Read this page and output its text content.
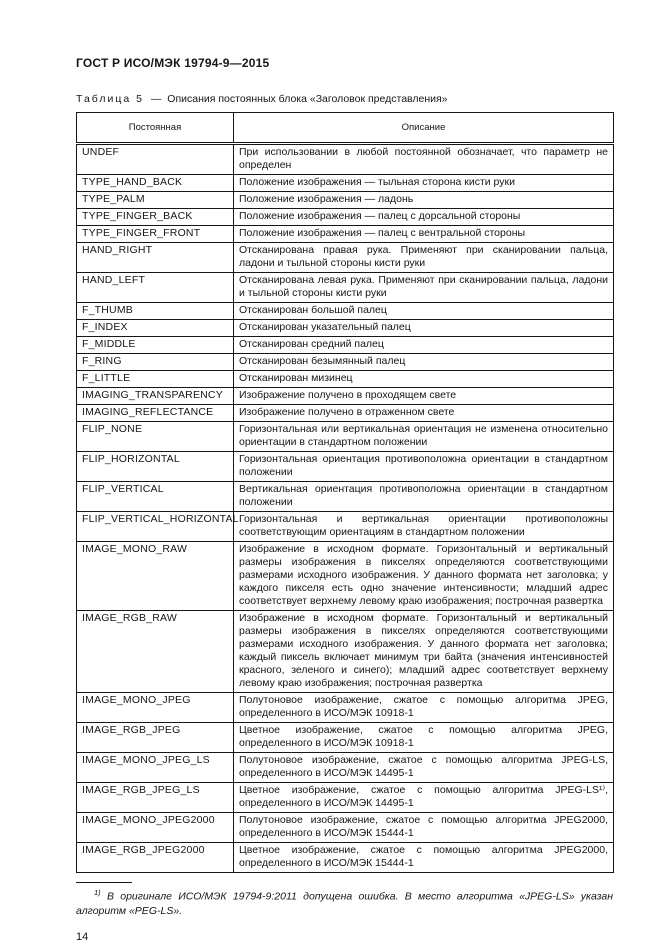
ГОСТ Р ИСО/МЭК 19794-9—2015
Таблица 5 — Описания постоянных блока «Заголовок представления»
Постоянная	Описание
UNDEF	При использовании в любой постоянной обозначает, что параметр не определен
TYPE_HAND_BACK	Положение изображения — тыльная сторона кисти руки
TYPE_PALM	Положение изображения — ладонь
TYPE_FINGER_BACK	Положение изображения — палец с дорсальной стороны
TYPE_FINGER_FRONT	Положение изображения — палец с вентральной стороны
HAND_RIGHT	Отсканирована правая рука. Применяют при сканировании пальца, ладони и тыльной стороны кисти руки
HAND_LEFT	Отсканирована левая рука. Применяют при сканировании пальца, ладони и тыльной стороны кисти руки
F_THUMB	Отсканирован большой палец
F_INDEX	Отсканирован указательный палец
F_MIDDLE	Отсканирован средний палец
F_RING	Отсканирован безымянный палец
F_LITTLE	Отсканирован мизинец
IMAGING_TRANSPARENCY	Изображение получено в проходящем свете
IMAGING_REFLECTANCE	Изображение получено в отраженном свете
FLIP_NONE	Горизонтальная или вертикальная ориентация не изменена относительно ориентации в стандартном положении
FLIP_HORIZONTAL	Горизонтальная ориентация противоположна ориентации в стандартном положении
FLIP_VERTICAL	Вертикальная ориентация противоположна ориентации в стандартном положении
FLIP_VERTICAL_HORIZONTAL	Горизонтальная и вертикальная ориентации противоположны соответствующим ориентациям в стандартном положении
IMAGE_MONO_RAW	Изображение в исходном формате. Горизонтальный и вертикальный размеры изображения в пикселях определяются соответствующими размерами исходного изображения. У данного формата нет заголовка; у каждого пикселя есть одно значение интенсивности; младший адрес соответствует верхнему левому краю изображения; построчная развертка
IMAGE_RGB_RAW	Изображение в исходном формате. Горизонтальный и вертикальный размеры изображения в пикселях определяются соответствующими размерами исходного изображения. У данного формата нет заголовка; каждый пиксель включает минимум три байта (значения интенсивностей красного, зеленого и синего); младший адрес соответствует верхнему левому краю изображения; построчная развертка
IMAGE_MONO_JPEG	Полутоновое изображение, сжатое с помощью алгоритма JPEG, определенного в ИСО/МЭК 10918-1
IMAGE_RGB_JPEG	Цветное изображение, сжатое с помощью алгоритма JPEG, определенного в ИСО/МЭК 10918-1
IMAGE_MONO_JPEG_LS	Полутоновое изображение, сжатое с помощью алгоритма JPEG-LS, определенного в ИСО/МЭК 14495-1
IMAGE_RGB_JPEG_LS	Цветное изображение, сжатое с помощью алгоритма JPEG-LS¹⁾, определенного в ИСО/МЭК 14495-1
IMAGE_MONO_JPEG2000	Полутоновое изображение, сжатое с помощью алгоритма JPEG2000, определенного в ИСО/МЭК 15444-1
IMAGE_RGB_JPEG2000	Цветное изображение, сжатое с помощью алгоритма JPEG2000, определенного в ИСО/МЭК 15444-1

$^{1)}$ В оригинале ИСО/МЭК 19794-9:2011 допущена ошибка. В место алгоритма «JPEG-LS» указан алгоритм «PEG-LS».

14
